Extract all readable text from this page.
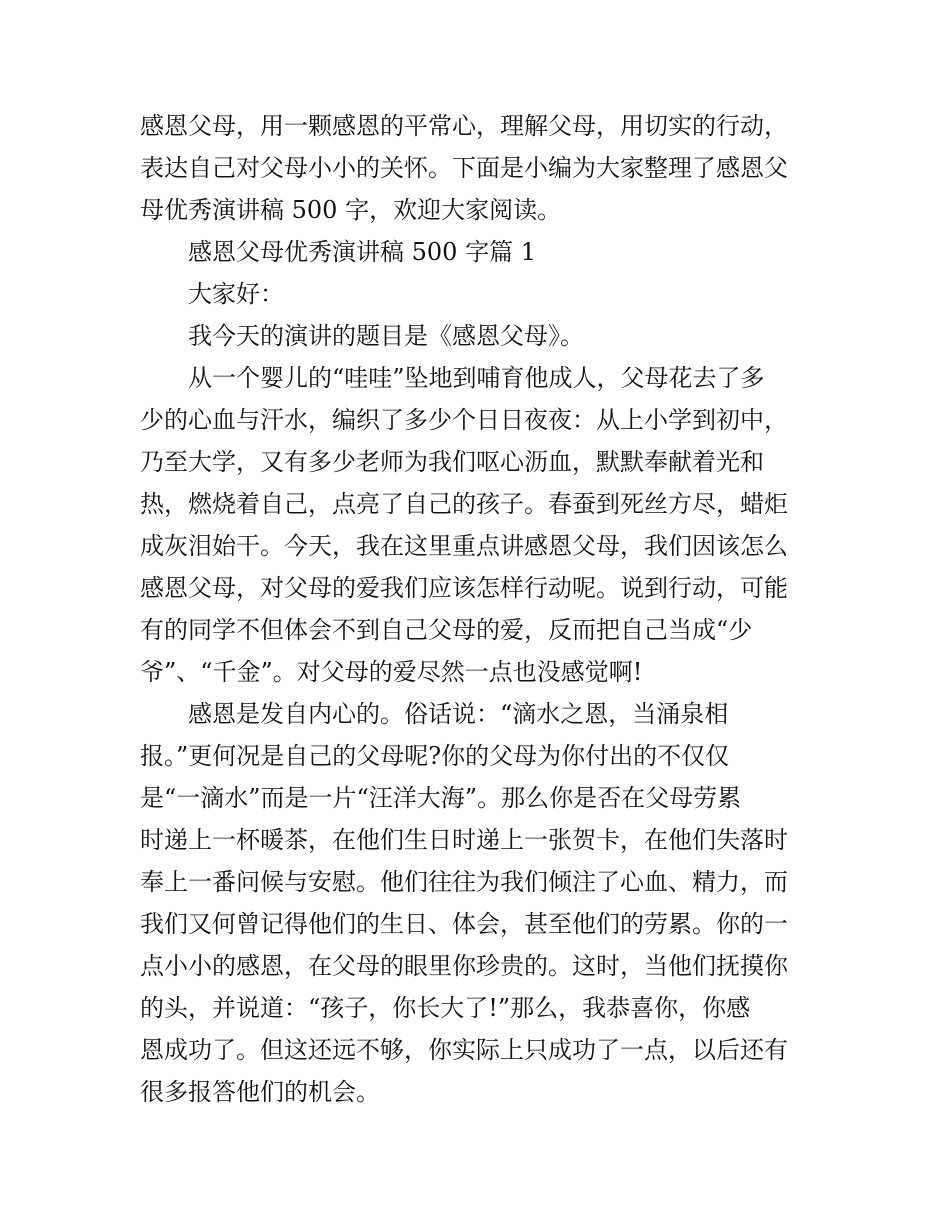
感恩父母，用一颗感恩的平常心，理解父母，用切实的行动，
表达自己对父母小小的关怀。下面是小编为大家整理了感恩父
母优秀演讲稿 500 字，欢迎大家阅读。

感恩父母优秀演讲稿 500 字篇 1

大家好：

我今天的演讲的题目是《感恩父母》。

从一个婴儿的“哇哇”坠地到哺育他成人，父母花去了多
少的心血与汗水，编织了多少个日日夜夜：从上小学到初中，
乃至大学，又有多少老师为我们呕心沥血，默默奉献着光和
热，燃烧着自己，点亮了自己的孩子。春蚕到死丝方尽，蜡炬
成灰泪始干。今天，我在这里重点讲感恩父母，我们因该怎么
感恩父母，对父母的爱我们应该怎样行动呢。说到行动，可能
有的同学不但体会不到自己父母的爱，反而把自己当成“少
爷”、“千金”。对父母的爱尽然一点也没感觉啊!

感恩是发自内心的。俗话说：“滴水之恩，当涌泉相
报。”更何况是自己的父母呢?你的父母为你付出的不仅仅
是“一滴水”而是一片“汪洋大海”。那么你是否在父母劳累
时递上一杯暖茶，在他们生日时递上一张贺卡，在他们失落时
奉上一番问候与安慰。他们往往为我们倾注了心血、精力，而
我们又何曾记得他们的生日、体会，甚至他们的劳累。你的一
点小小的感恩，在父母的眼里你珍贵的。这时，当他们抚摸你
的头，并说道：“孩子，你长大了!”那么，我恭喜你，你感
恩成功了。但这还远不够，你实际上只成功了一点，以后还有
很多报答他们的机会。
